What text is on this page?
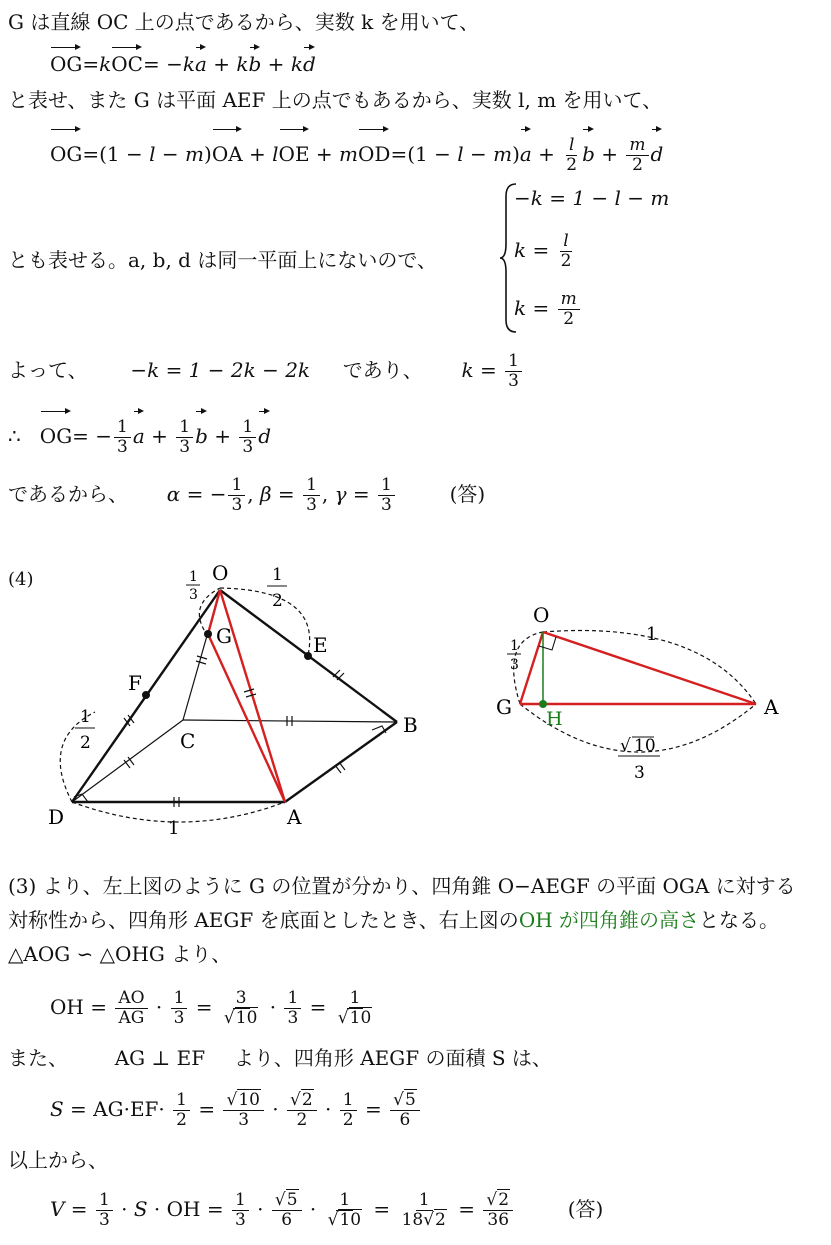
G は直線 OC 上の点であるから、実数 k を用いて、
OG=kOC= −ka + kb + kd
と表せ、また G は平面 AEF 上の点でもあるから、実数 l, m を用いて、
OG=(1 − l − m)OA + lOE + $mOD=(1 - l - m)a + \frac{l}{2}$ $b + \frac{m}{2}$ d
とも表せる。a, b, d は同一平面上にないので、
−k = 1 − l − m
$k = \frac{l}{2}$
$k = \frac{m}{2}$
よって、 −k = 1 − 2k − 2k であり、 $k = \frac{1}{3}$
∴   $OG= - \frac{1}{3}$ $a + \frac{1}{3}$ $b + \frac{1}{3}$ d
であるから、 α = − $\frac{1}{3}$ , $\beta = \frac{1}{3}$ , $\gamma = \frac{1}{3}$	(答)
(4)	O
G	E
F
C
B
D	A
1
3
1
2
1
2
1
O
G	A
H
1
3
1
√ 10
3
(3) より、左上図のように G の位置が分かり、四角錐 O−AEGF の平面 OGA に対する
対称性から、四角形 AEGF を底面としたとき、右上図のOH が四角錐の高さとなる。
△AOG ∽ △OHG より、
OH = $\frac{AO}{AG} \cdot \frac{1}{3} = 3$
√ $10 \cdot \frac{1}{3} = 1$
√ 10
また、 AG ⊥ EF より、四角形 AEGF の面積 S は、
$S = AG\cdot EF\cdot \frac{1}{2}$ = √ $\frac{10}{3}$ · √ $\frac{2}{2} \cdot \frac{1}{2}$ = √ $\frac{5}{6}$
以上から、
$V = \frac{1}{3} \cdot S$ · OH = $\frac{1}{3}$ · √ $\frac{5}{6} \cdot 1$
√ $10 = \frac{1}{18 √ 2}$ = √ $\frac{2}{36}$	(答)
